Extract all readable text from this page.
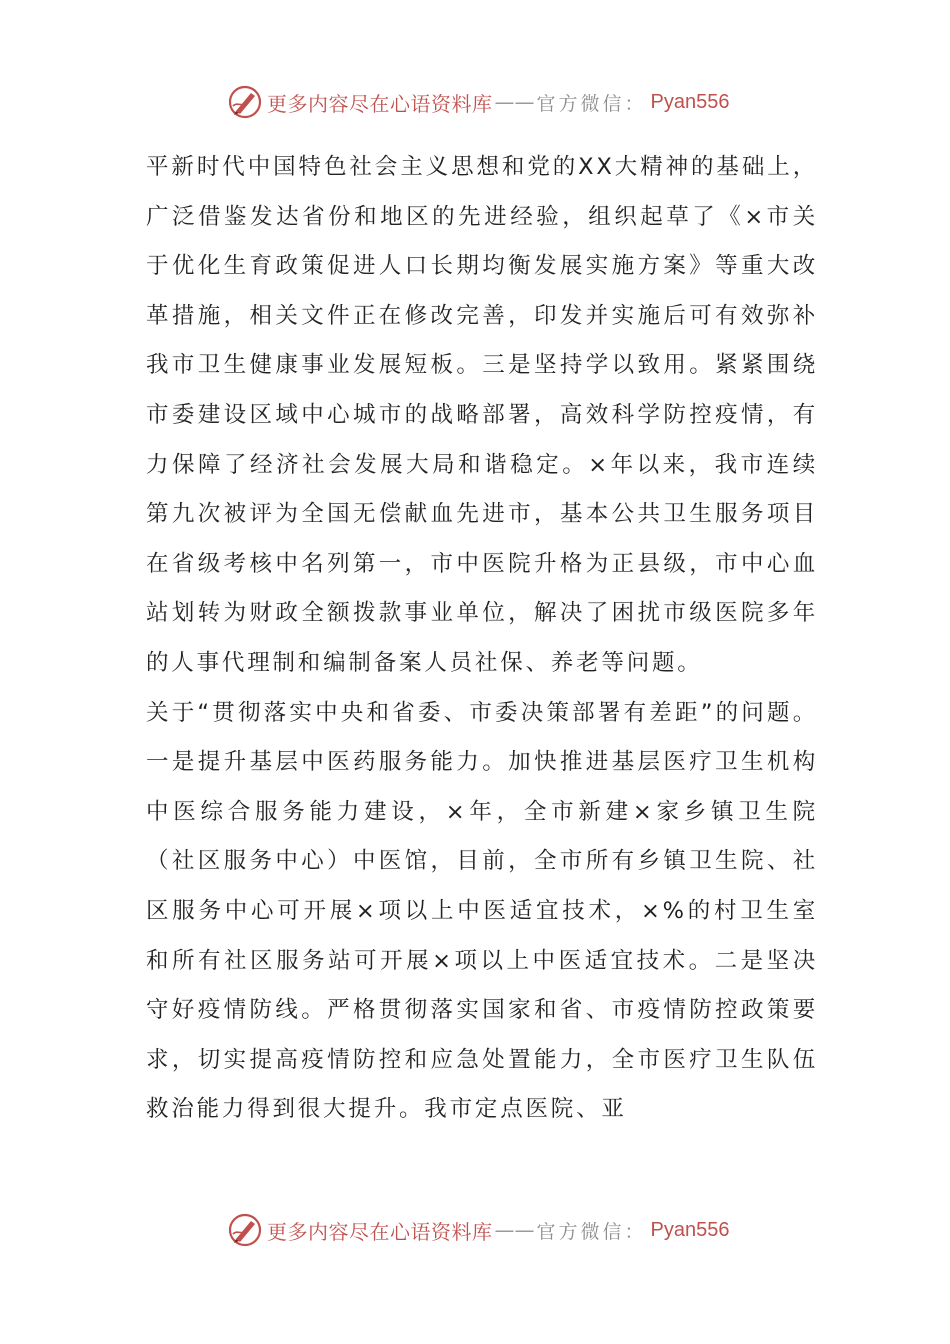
更多内容尽在心语资料库 —— 官方微信： Pyan556

平新时代中国特色社会主义思想和党的XX大精神的基础上，广泛借鉴发达省份和地区的先进经验，组织起草了《×市关于优化生育政策促进人口长期均衡发展实施方案》等重大改革措施，相关文件正在修改完善，印发并实施后可有效弥补我市卫生健康事业发展短板。三是坚持学以致用。紧紧围绕市委建设区域中心城市的战略部署，高效科学防控疫情，有力保障了经济社会发展大局和谐稳定。×年以来，我市连续第九次被评为全国无偿献血先进市，基本公共卫生服务项目在省级考核中名列第一，市中医院升格为正县级，市中心血站划转为财政全额拨款事业单位，解决了困扰市级医院多年的人事代理制和编制备案人员社保、养老等问题。

关于“贯彻落实中央和省委、市委决策部署有差距”的问题。一是提升基层中医药服务能力。加快推进基层医疗卫生机构中医综合服务能力建设，×年，全市新建×家乡镇卫生院（社区服务中心）中医馆，目前，全市所有乡镇卫生院、社区服务中心可开展×项以上中医适宜技术，×%的村卫生室和所有社区服务站可开展×项以上中医适宜技术。二是坚决守好疫情防线。严格贯彻落实国家和省、市疫情防控政策要求，切实提高疫情防控和应急处置能力，全市医疗卫生队伍救治能力得到很大提升。我市定点医院、亚

更多内容尽在心语资料库 —— 官方微信： Pyan556
